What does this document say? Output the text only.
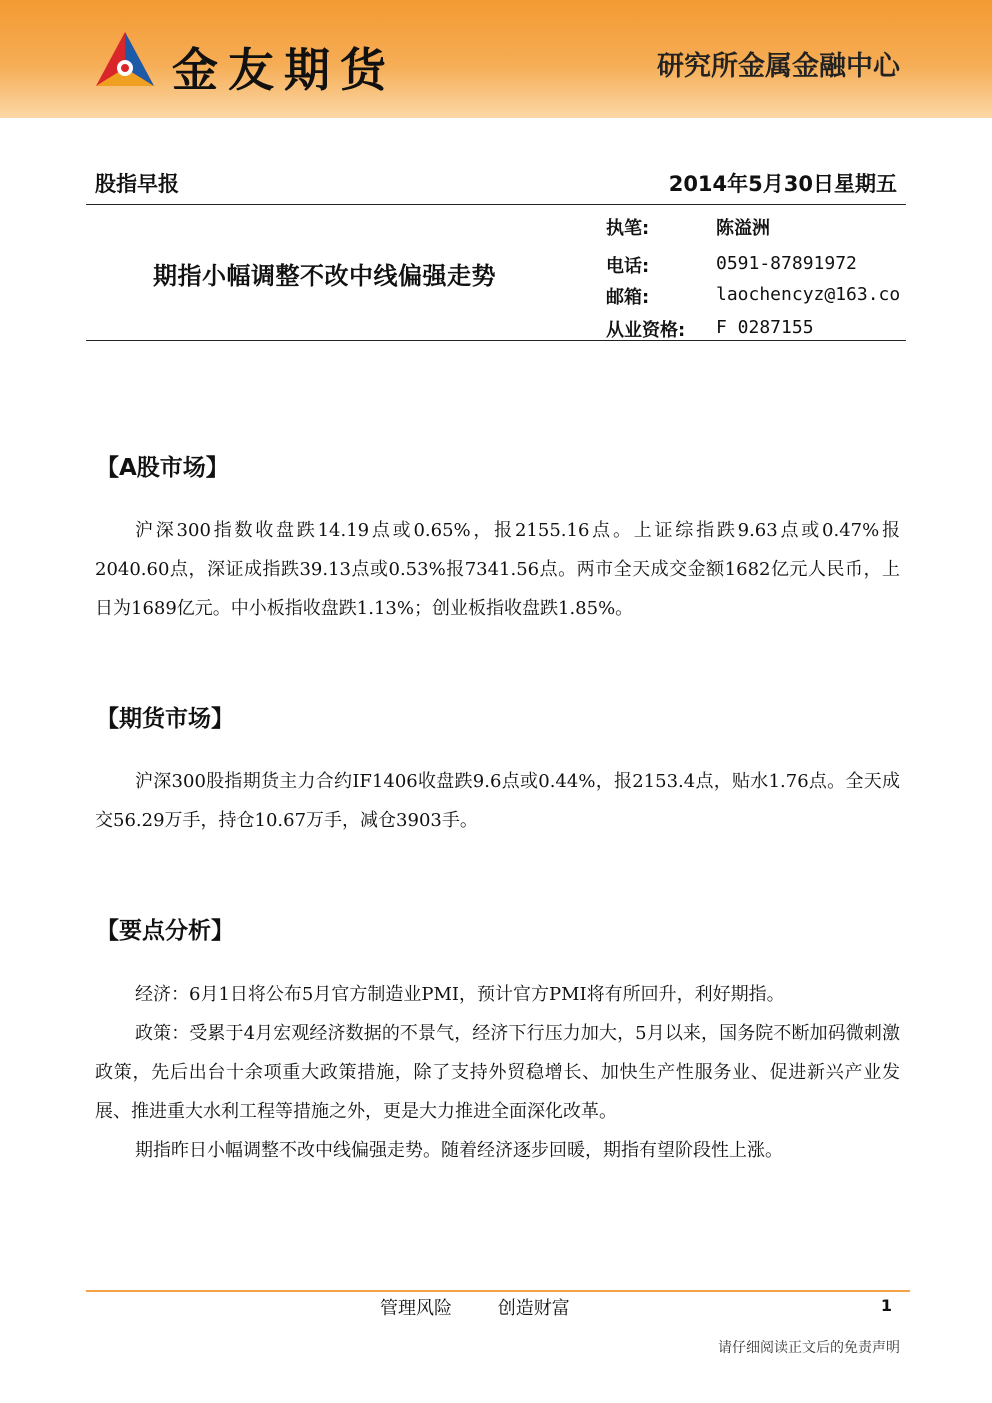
金友期货	研究所金属金融中心
股指早报	2014年5月30日星期五
期指小幅调整不改中线偏强走势
执笔:	陈溢洲
电话:	0591-87891972
邮箱:	laochencyz@163.co
从业资格: F 0287155
【A股市场】

沪深300指数收盘跌14.19点或0.65%，报2155.16点。上证综指跌9.63点或0.47%报2040.60点，深证成指跌39.13点或0.53%报7341.56点。两市全天成交金额1682亿元人民币，上日为1689亿元。中小板指收盘跌1.13%；创业板指收盘跌1.85%。

【期货市场】

沪深300股指期货主力合约IF1406收盘跌9.6点或0.44%，报2153.4点，贴水1.76点。全天成交56.29万手，持仓10.67万手，减仓3903手。

【要点分析】

经济：6月1日将公布5月官方制造业PMI，预计官方PMI将有所回升，利好期指。

政策：受累于4月宏观经济数据的不景气，经济下行压力加大，5月以来，国务院不断加码微刺激政策，先后出台十余项重大政策措施，除了支持外贸稳增长、加快生产性服务业、促进新兴产业发展、推进重大水利工程等措施之外，更是大力推进全面深化改革。

期指昨日小幅调整不改中线偏强走势。随着经济逐步回暖，期指有望阶段性上涨。

管理风险 创造财富	1
请仔细阅读正文后的免责声明
